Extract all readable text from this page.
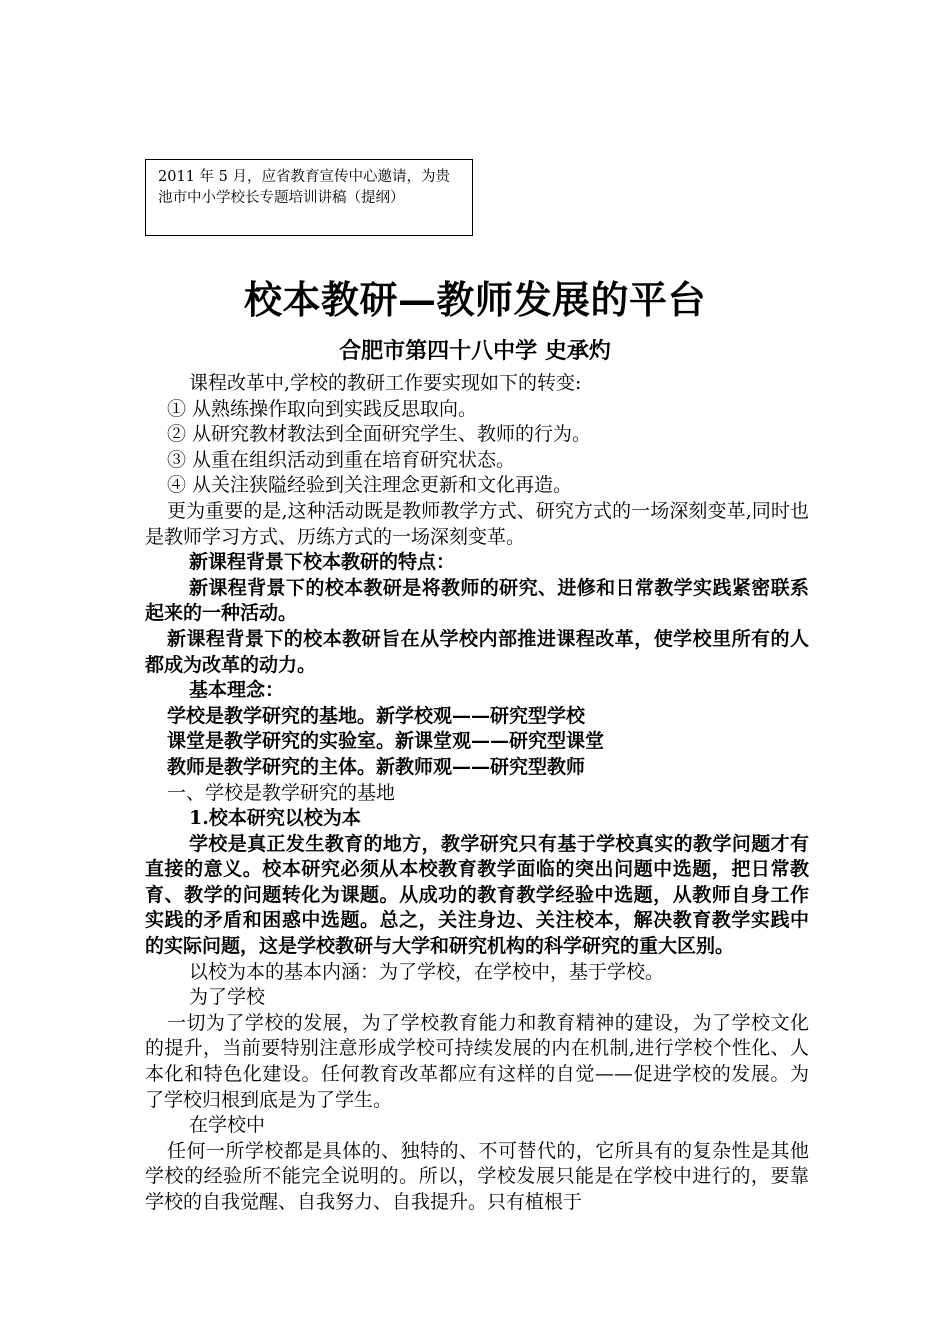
2011 年 5 月，应省教育宣传中心邀请，为贵
池市中小学校长专题培训讲稿（提纲）
校本教研—教师发展的平台
合肥市第四十八中学 史承灼

课程改革中,学校的教研工作要实现如下的转变:

① 从熟练操作取向到实践反思取向。

② 从研究教材教法到全面研究学生、教师的行为。

③ 从重在组织活动到重在培育研究状态。

④ 从关注狭隘经验到关注理念更新和文化再造。

更为重要的是,这种活动既是教师教学方式、研究方式的一场深刻变革,同时也是教师学习方式、历练方式的一场深刻变革。

新课程背景下校本教研的特点：

新课程背景下的校本教研是将教师的研究、进修和日常教学实践紧密联系起来的一种活动。

新课程背景下的校本教研旨在从学校内部推进课程改革，使学校里所有的人都成为改革的动力。

基本理念：

学校是教学研究的基地。新学校观——研究型学校

课堂是教学研究的实验室。新课堂观——研究型课堂

教师是教学研究的主体。新教师观——研究型教师

一、学校是教学研究的基地

1.校本研究以校为本

学校是真正发生教育的地方，教学研究只有基于学校真实的教学问题才有直接的意义。校本研究必须从本校教育教学面临的突出问题中选题，把日常教育、教学的问题转化为课题。从成功的教育教学经验中选题，从教师自身工作实践的矛盾和困惑中选题。总之，关注身边、关注校本，解决教育教学实践中的实际问题，这是学校教研与大学和研究机构的科学研究的重大区别。

以校为本的基本内涵：为了学校，在学校中，基于学校。

为了学校

一切为了学校的发展，为了学校教育能力和教育精神的建设，为了学校文化的提升，当前要特别注意形成学校可持续发展的内在机制,进行学校个性化、人本化和特色化建设。任何教育改革都应有这样的自觉——促进学校的发展。为了学校归根到底是为了学生。

在学校中

任何一所学校都是具体的、独特的、不可替代的，它所具有的复杂性是其他学校的经验所不能完全说明的。所以，学校发展只能是在学校中进行的，要靠学校的自我觉醒、自我努力、自我提升。只有植根于
